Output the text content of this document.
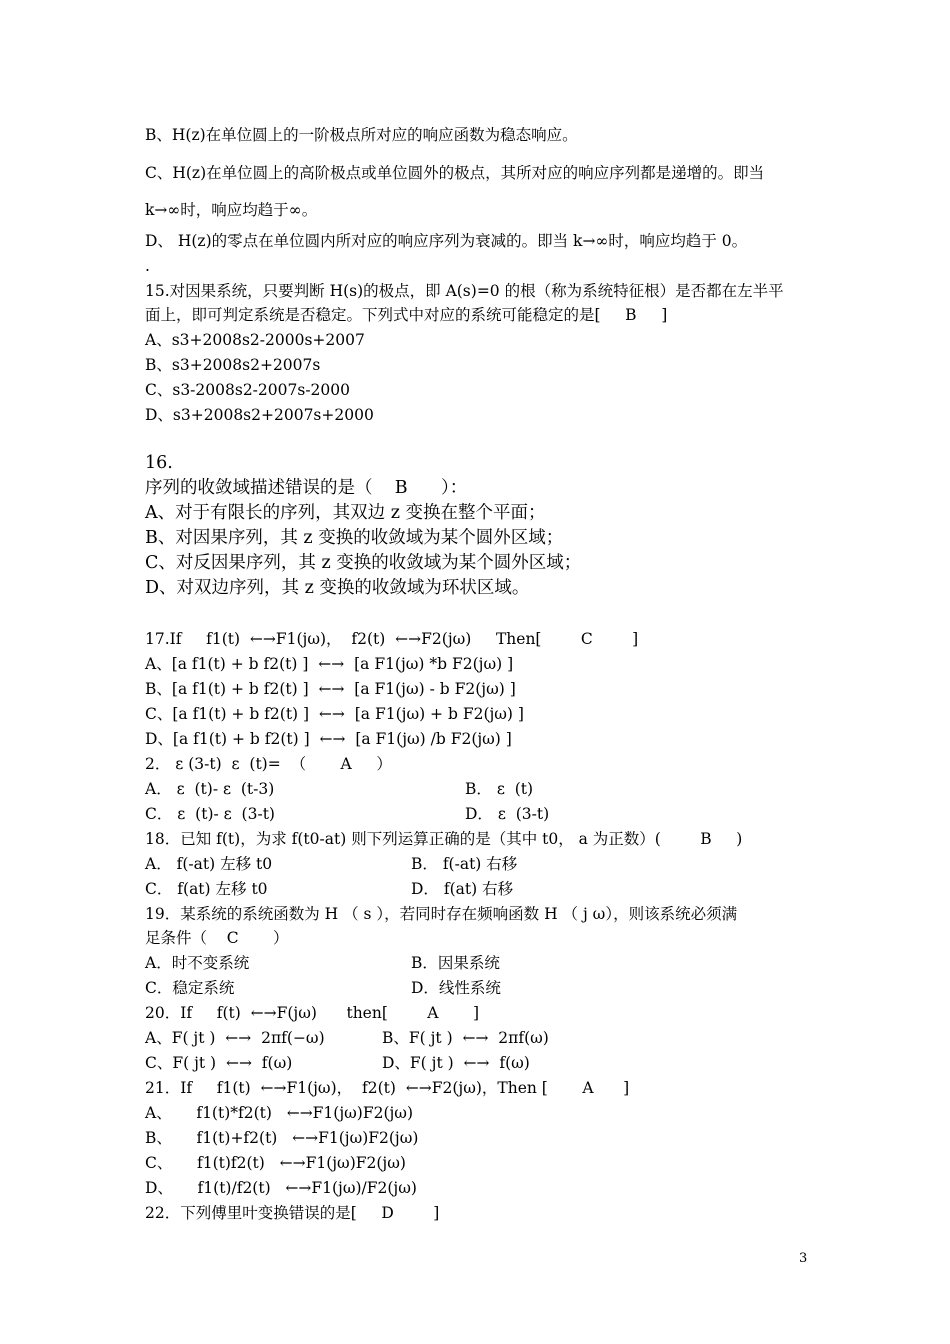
B、H(z)在单位圆上的一阶极点所对应的响应函数为稳态响应。
C、H(z)在单位圆上的高阶极点或单位圆外的极点，其所对应的响应序列都是递增的。即当
k→∞时，响应均趋于∞。
D、 H(z)的零点在单位圆内所对应的响应序列为衰减的。即当 k→∞时，响应均趋于 0。
.
15.对因果系统，只要判断 H(s)的极点，即 A(s)=0 的根（称为系统特征根）是否都在左半平
面上，即可判定系统是否稳定。下列式中对应的系统可能稳定的是[     B     ]
A、s3+2008s2-2000s+2007
B、s3+2008s2+2007s
C、s3-2008s2-2007s-2000
D、s3+2008s2+2007s+2000
16.
序列的收敛域描述错误的是（    B      ）：
A、对于有限长的序列，其双边 z 变换在整个平面；
B、对因果序列，其 z 变换的收敛域为某个圆外区域；
C、对反因果序列，其 z 变换的收敛域为某个圆外区域；
D、对双边序列，其 z 变换的收敛域为环状区域。
17.If     f1(t)  ←→F1(jω)，  f2(t)  ←→F2(jω)     Then[        C        ]
A、[a f1(t) + b f2(t) ]  ←→  [a F1(jω) *b F2(jω) ]
B、[a f1(t) + b f2(t) ]  ←→  [a F1(jω) - b F2(jω) ]
C、[a f1(t) + b f2(t) ]  ←→  [a F1(jω) + b F2(jω) ]
D、[a f1(t) + b f2(t) ]  ←→  [a F1(jω) /b F2(jω) ]
2． ε (3-t)  ε  (t)=  （       A     ）
A． ε  (t)- ε  (t-3)	B． ε  (t)
C． ε  (t)- ε  (3-t)	D． ε  (3-t)
18．已知 f(t)，为求 f(t0-at) 则下列运算正确的是（其中 t0， a 为正数）(        B     )
A． f(-at) 左移 t0	B． f(-at) 右移
C． f(at) 左移 t0	D． f(at) 右移
19．某系统的系统函数为 H （ s ），若同时存在频响函数 H （ j ω），则该系统必须满
足条件（    C       ）
A．时不变系统	B．因果系统
C．稳定系统	D．线性系统
20．If     f(t)  ←→F(jω)      then[        A       ]
A、F( jt )  ←→  2πf(−ω)	B、F( jt )  ←→  2πf(ω)
C、F( jt )  ←→  f(ω)	D、F( jt )  ←→  f(ω)
21．If     f1(t)  ←→F1(jω)，  f2(t)  ←→F2(jω)，Then [       A      ]
A、     f1(t)*f2(t)   ←→F1(jω)F2(jω)
B、     f1(t)+f2(t)   ←→F1(jω)F2(jω)
C、     f1(t)f2(t)   ←→F1(jω)F2(jω)
D、     f1(t)/f2(t)   ←→F1(jω)/F2(jω)
22．下列傅里叶变换错误的是[     D        ]
3
